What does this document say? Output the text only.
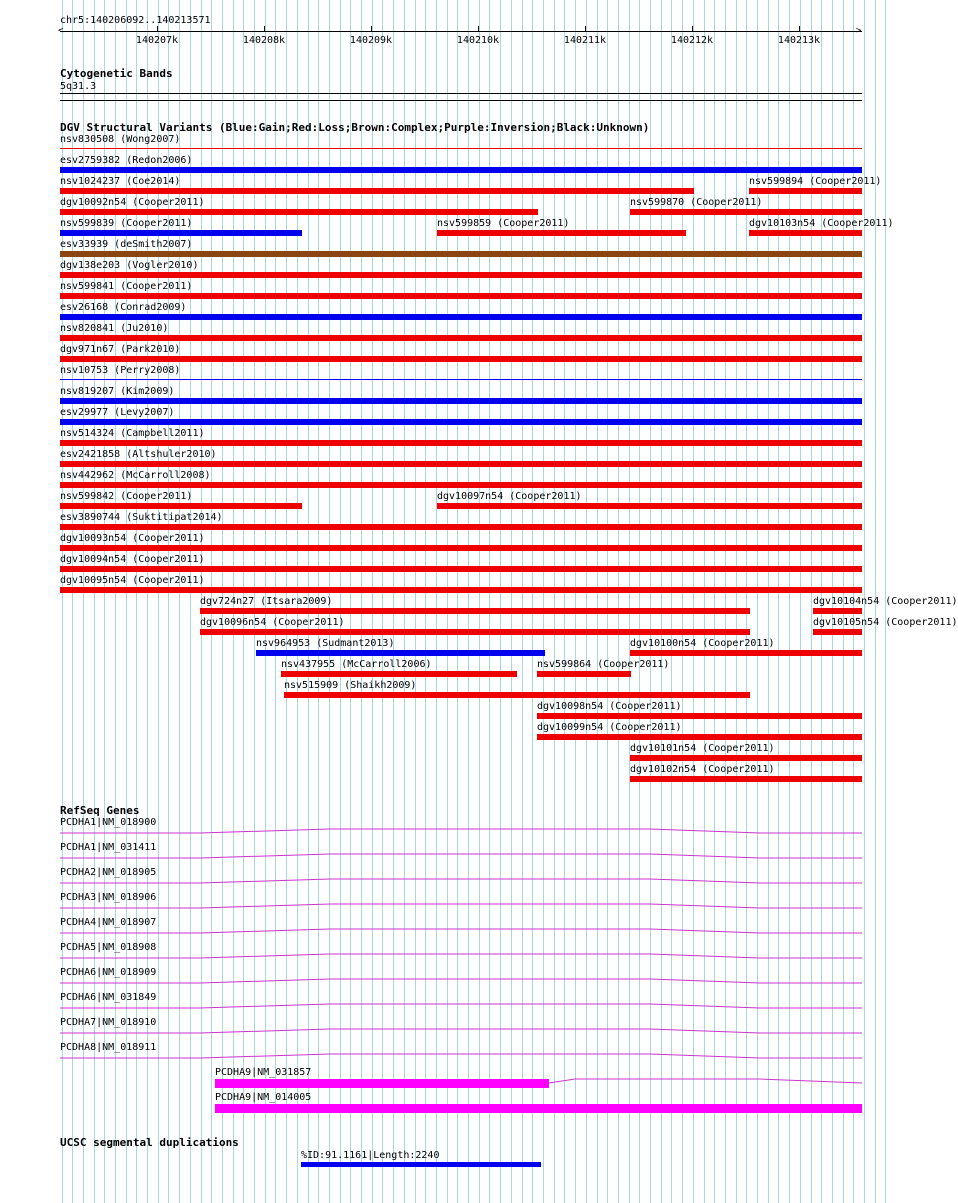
chr5:140206092..140213571
<	>
140207k	140208k	140209k	140210k	140211k	140212k	140213k
Cytogenetic Bands
5q31.3
DGV Structural Variants (Blue:Gain;Red:Loss;Brown:Complex;Purple:Inversion;Black:Unknown)
nsv830508 (Wong2007)
esv2759382 (Redon2006)
nsv1024237 (Coe2014)	nsv599894 (Cooper2011)
dgv10092n54 (Cooper2011)	nsv599870 (Cooper2011)
nsv599839 (Cooper2011)	nsv599859 (Cooper2011)	dgv10103n54 (Cooper2011)
esv33939 (deSmith2007)
dgv138e203 (Vogler2010)
nsv599841 (Cooper2011)
esv26168 (Conrad2009)
nsv820841 (Ju2010)
dgv971n67 (Park2010)
nsv10753 (Perry2008)
nsv819207 (Kim2009)
esv29977 (Levy2007)
nsv514324 (Campbell2011)
esv2421858 (Altshuler2010)
nsv442962 (McCarroll2008)
nsv599842 (Cooper2011)	dgv10097n54 (Cooper2011)
esv3890744 (Suktitipat2014)
dgv10093n54 (Cooper2011)
dgv10094n54 (Cooper2011)
dgv10095n54 (Cooper2011)
dgv724n27 (Itsara2009)	dgv10104n54 (Cooper2011)
dgv10096n54 (Cooper2011)	dgv10105n54 (Cooper2011)
nsv964953 (Sudmant2013)	dgv10100n54 (Cooper2011)
nsv437955 (McCarroll2006)	nsv599864 (Cooper2011)
nsv515909 (Shaikh2009)
dgv10098n54 (Cooper2011)
dgv10099n54 (Cooper2011)
dgv10101n54 (Cooper2011)
dgv10102n54 (Cooper2011)
RefSeq Genes
PCDHA1|NM_018900
PCDHA1|NM_031411
PCDHA2|NM_018905
PCDHA3|NM_018906
PCDHA4|NM_018907
PCDHA5|NM_018908
PCDHA6|NM_018909
PCDHA6|NM_031849
PCDHA7|NM_018910
PCDHA8|NM_018911
PCDHA9|NM_031857
PCDHA9|NM_014005
UCSC segmental duplications
%ID:91.1161|Length:2240
